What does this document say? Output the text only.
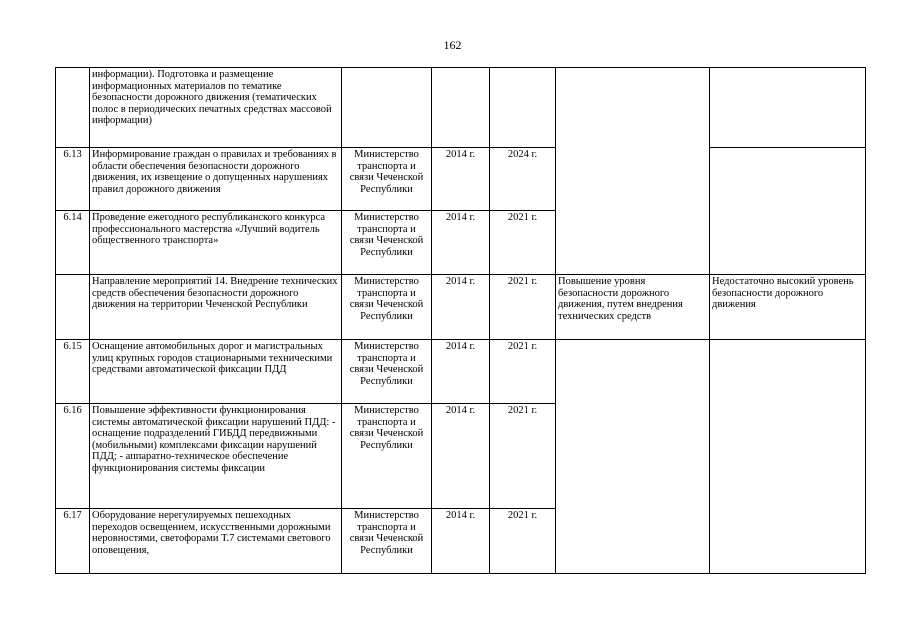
162
	информации). Подготовка и размещение информационных материалов по тематике безопасности дорожного движения (тематических полос в периодических печатных средствах массовой информации)					
6.13	Информирование граждан о правилах и требованиях в области обеспечения безопасности дорожного движения, их извещение о допущенных нарушениях правил дорожного движения	Министерство транспорта и связи Чеченской Республики	2014 г.	2024 г.		
6.14	Проведение ежегодного республиканского конкурса профессионального мастерства «Лучший водитель общественного транспорта»	Министерство транспорта и связи Чеченской Республики	2014 г.	2021 г.		
	Направление мероприятий 14. Внедрение технических средств обеспечения безопасности дорожного движения на территории Чеченской Республики	Министерство транспорта и связи Чеченской Республики	2014 г.	2021 г.	Повышение уровня безопасности дорожного движения, путем внедрения технических средств	Недостаточно высокий уровень безопасности дорожного движения
6.15	Оснащение автомобильных дорог и магистральных улиц крупных городов стационарными техническими средствами автоматической фиксации ПДД	Министерство транспорта и связи Чеченской Республики	2014 г.	2021 г.		
6.16	Повышение эффективности функционирования системы автоматической фиксации нарушений ПДД: - оснащение подразделений ГИБДД передвижными (мобильными) комплексами фиксации нарушений ПДД; - аппаратно-техническое обеспечение функционирования системы фиксации	Министерство транспорта и связи Чеченской Республики	2014 г.	2021 г.		
6.17	Оборудование нерегулируемых пешеходных переходов освещением, искусственными дорожными неровностями, светофорами Т.7 системами светового оповещения,	Министерство транспорта и связи Чеченской Республики	2014 г.	2021 г.		
